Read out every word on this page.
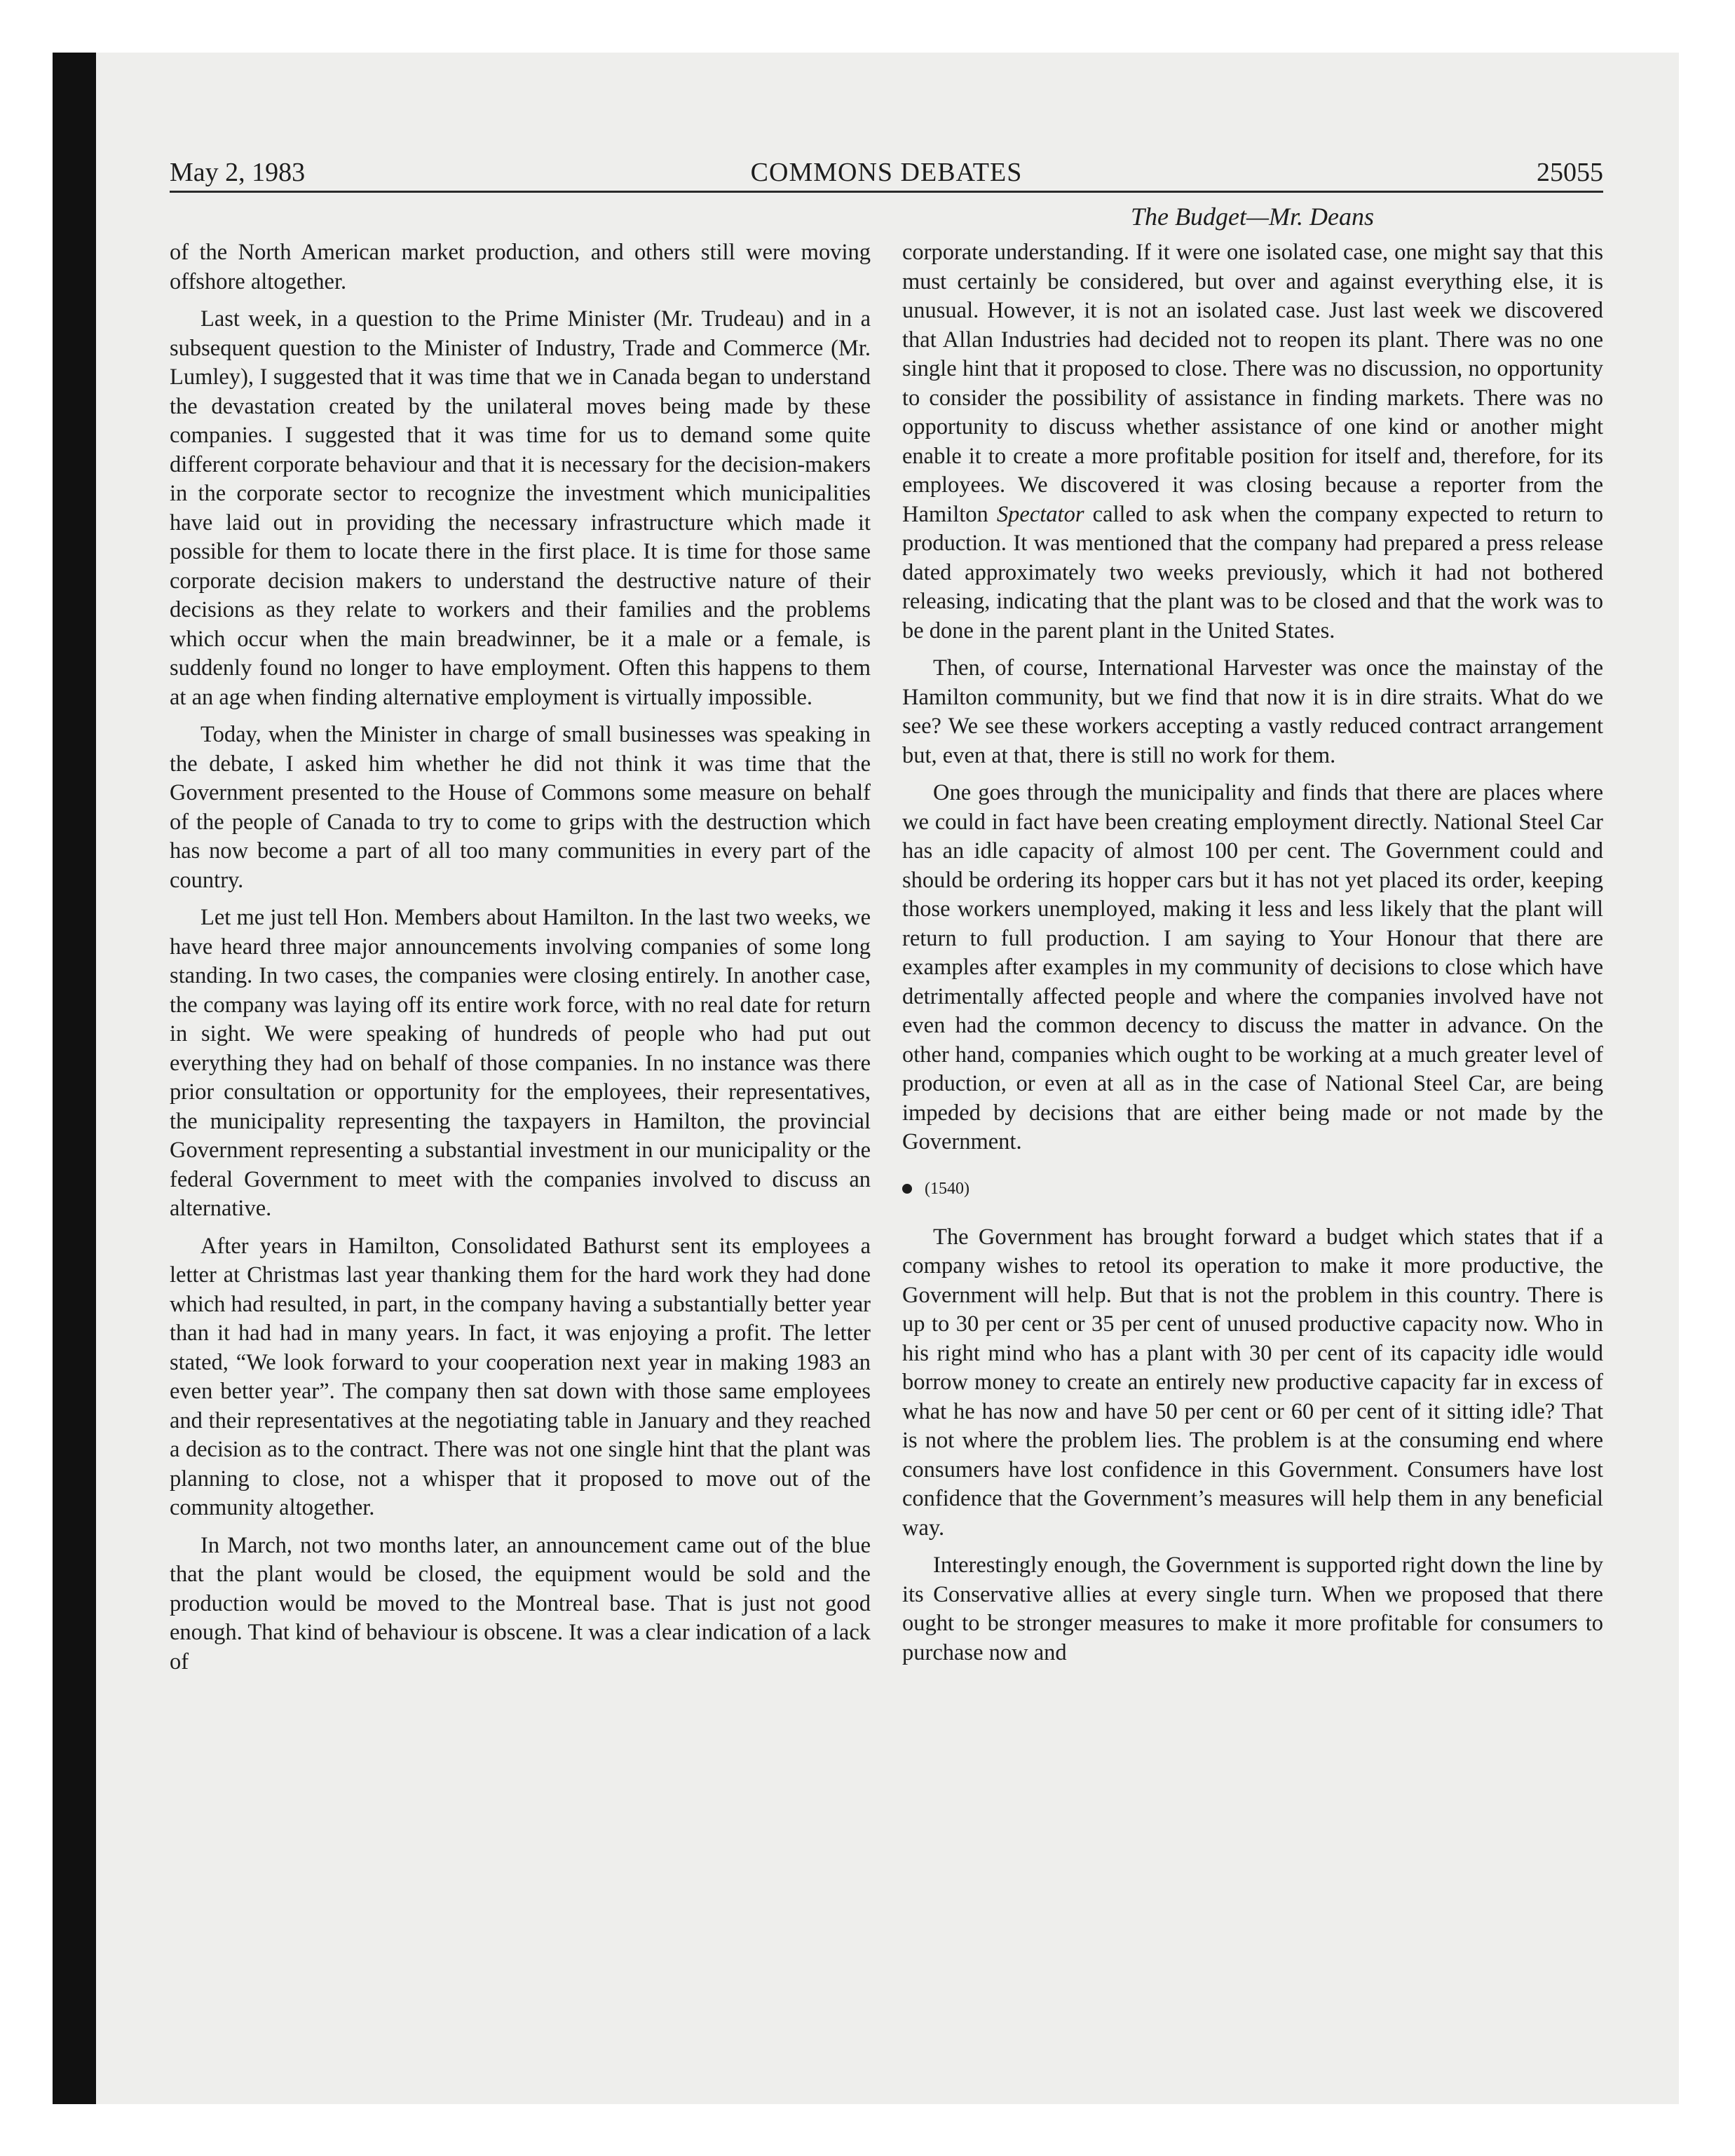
May 2, 1983	COMMONS DEBATES	25055
The Budget—Mr. Deans

of the North American market production, and others still were moving offshore altogether.

Last week, in a question to the Prime Minister (Mr. Trudeau) and in a subsequent question to the Minister of Industry, Trade and Commerce (Mr. Lumley), I suggested that it was time that we in Canada began to understand the devastation created by the unilateral moves being made by these companies. I suggested that it was time for us to demand some quite different corporate behaviour and that it is necessary for the decision-makers in the corporate sector to recognize the investment which municipalities have laid out in providing the necessary infrastructure which made it possible for them to locate there in the first place. It is time for those same corporate decision makers to understand the destructive nature of their decisions as they relate to workers and their families and the problems which occur when the main breadwinner, be it a male or a female, is suddenly found no longer to have employment. Often this happens to them at an age when finding alternative employment is virtually impossible.

Today, when the Minister in charge of small businesses was speaking in the debate, I asked him whether he did not think it was time that the Government presented to the House of Commons some measure on behalf of the people of Canada to try to come to grips with the destruction which has now become a part of all too many communities in every part of the country.

Let me just tell Hon. Members about Hamilton. In the last two weeks, we have heard three major announcements involving companies of some long standing. In two cases, the companies were closing entirely. In another case, the company was laying off its entire work force, with no real date for return in sight. We were speaking of hundreds of people who had put out everything they had on behalf of those companies. In no instance was there prior consultation or opportunity for the employees, their representatives, the municipality representing the taxpayers in Hamilton, the provincial Government representing a substantial investment in our municipality or the federal Government to meet with the companies involved to discuss an alternative.

After years in Hamilton, Consolidated Bathurst sent its employees a letter at Christmas last year thanking them for the hard work they had done which had resulted, in part, in the company having a substantially better year than it had had in many years. In fact, it was enjoying a profit. The letter stated, “We look forward to your cooperation next year in making 1983 an even better year”. The company then sat down with those same employees and their representatives at the negotiating table in January and they reached a decision as to the contract. There was not one single hint that the plant was planning to close, not a whisper that it proposed to move out of the community altogether.

In March, not two months later, an announcement came out of the blue that the plant would be closed, the equipment would be sold and the production would be moved to the Montreal base. That is just not good enough. That kind of behaviour is obscene. It was a clear indication of a lack of

corporate understanding. If it were one isolated case, one might say that this must certainly be considered, but over and against everything else, it is unusual. However, it is not an isolated case. Just last week we discovered that Allan Industries had decided not to reopen its plant. There was no one single hint that it proposed to close. There was no discussion, no opportunity to consider the possibility of assistance in finding markets. There was no opportunity to discuss whether assistance of one kind or another might enable it to create a more profitable position for itself and, therefore, for its employees. We discovered it was closing because a reporter from the Hamilton Spectator called to ask when the company expected to return to production. It was mentioned that the company had prepared a press release dated approximately two weeks previously, which it had not bothered releasing, indicating that the plant was to be closed and that the work was to be done in the parent plant in the United States.

Then, of course, International Harvester was once the mainstay of the Hamilton community, but we find that now it is in dire straits. What do we see? We see these workers accepting a vastly reduced contract arrangement but, even at that, there is still no work for them.

One goes through the municipality and finds that there are places where we could in fact have been creating employment directly. National Steel Car has an idle capacity of almost 100 per cent. The Government could and should be ordering its hopper cars but it has not yet placed its order, keeping those workers unemployed, making it less and less likely that the plant will return to full production. I am saying to Your Honour that there are examples after examples in my community of decisions to close which have detrimentally affected people and where the companies involved have not even had the common decency to discuss the matter in advance. On the other hand, companies which ought to be working at a much greater level of production, or even at all as in the case of National Steel Car, are being impeded by decisions that are either being made or not made by the Government.

(1540)

The Government has brought forward a budget which states that if a company wishes to retool its operation to make it more productive, the Government will help. But that is not the problem in this country. There is up to 30 per cent or 35 per cent of unused productive capacity now. Who in his right mind who has a plant with 30 per cent of its capacity idle would borrow money to create an entirely new productive capacity far in excess of what he has now and have 50 per cent or 60 per cent of it sitting idle? That is not where the problem lies. The problem is at the consuming end where consumers have lost confidence in this Government. Consumers have lost confidence that the Government’s measures will help them in any beneficial way.

Interestingly enough, the Government is supported right down the line by its Conservative allies at every single turn. When we proposed that there ought to be stronger measures to make it more profitable for consumers to purchase now and
